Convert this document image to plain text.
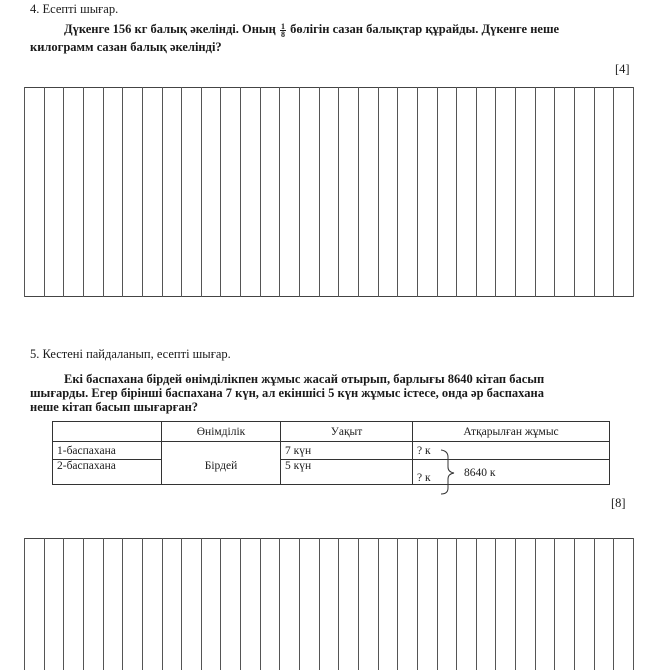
4. Есепті шығар.
Дүкенге 156 кг балық әкелінді. Оның $\frac{1}{8}$ бөлігін сазан балықтар құрайды. Дүкенге неше
килограмм сазан балық әкелінді?
[4]
5. Кестені пайдаланып, есепті шығар.
Екі баспахана бірдей өнімділікпен жұмыс жасай отырып, барлығы 8640 кітап басып
шығарды. Егер бірінші баспахана 7 күн, ал екіншісі 5 күн жұмыс істесе, онда әр баспахана
неше кітап басып шығарған?
	Өнімділік	Уақыт	Атқарылған жұмыс
1-баспахана		7 күн	? к
2-баспахана	Бірдей	5 күн	? к	8640 к
[8]
